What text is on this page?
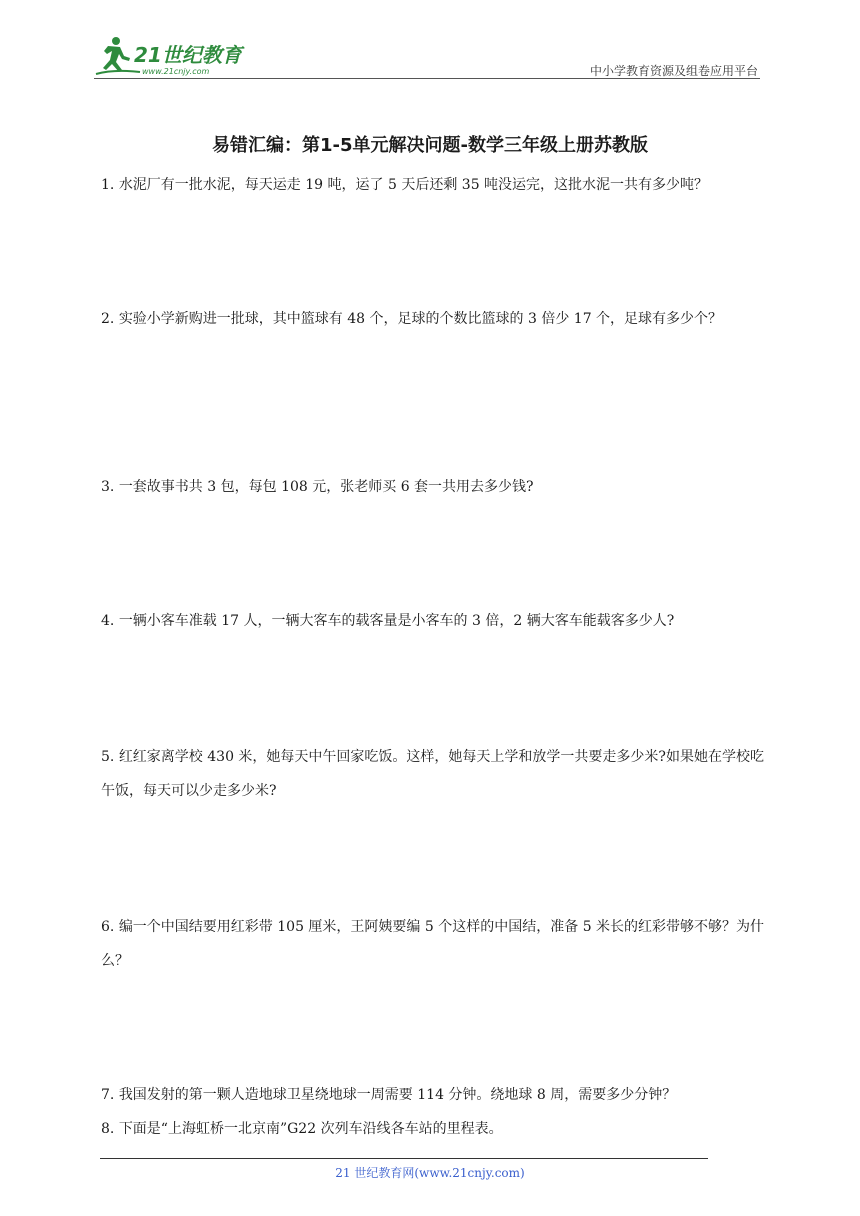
21世纪教育
www.21cnjy.com	中小学教育资源及组卷应用平台
易错汇编：第1-5单元解决问题-数学三年级上册苏教版
1. 水泥厂有一批水泥，每天运走 19 吨，运了 5 天后还剩 35 吨没运完，这批水泥一共有多少吨？
2. 实验小学新购进一批球，其中篮球有 48 个，足球的个数比篮球的 3 倍少 17 个，足球有多少个？
3. 一套故事书共 3 包，每包 108 元，张老师买 6 套一共用去多少钱?
4. 一辆小客车准载 17 人，一辆大客车的载客量是小客车的 3 倍，2 辆大客车能载客多少人?
5. 红红家离学校 430 米，她每天中午回家吃饭。这样，她每天上学和放学一共要走多少米?如果她在学校吃午饭，每天可以少走多少米?
6. 编一个中国结要用红彩带 105 厘米，王阿姨要编 5 个这样的中国结，准备 5 米长的红彩带够不够？为什么？
7. 我国发射的第一颗人造地球卫星绕地球一周需要 114 分钟。绕地球 8 周，需要多少分钟？
8. 下面是“上海虹桥一北京南”G22 次列车沿线各车站的里程表。
21 世纪教育网(www.21cnjy.com)
